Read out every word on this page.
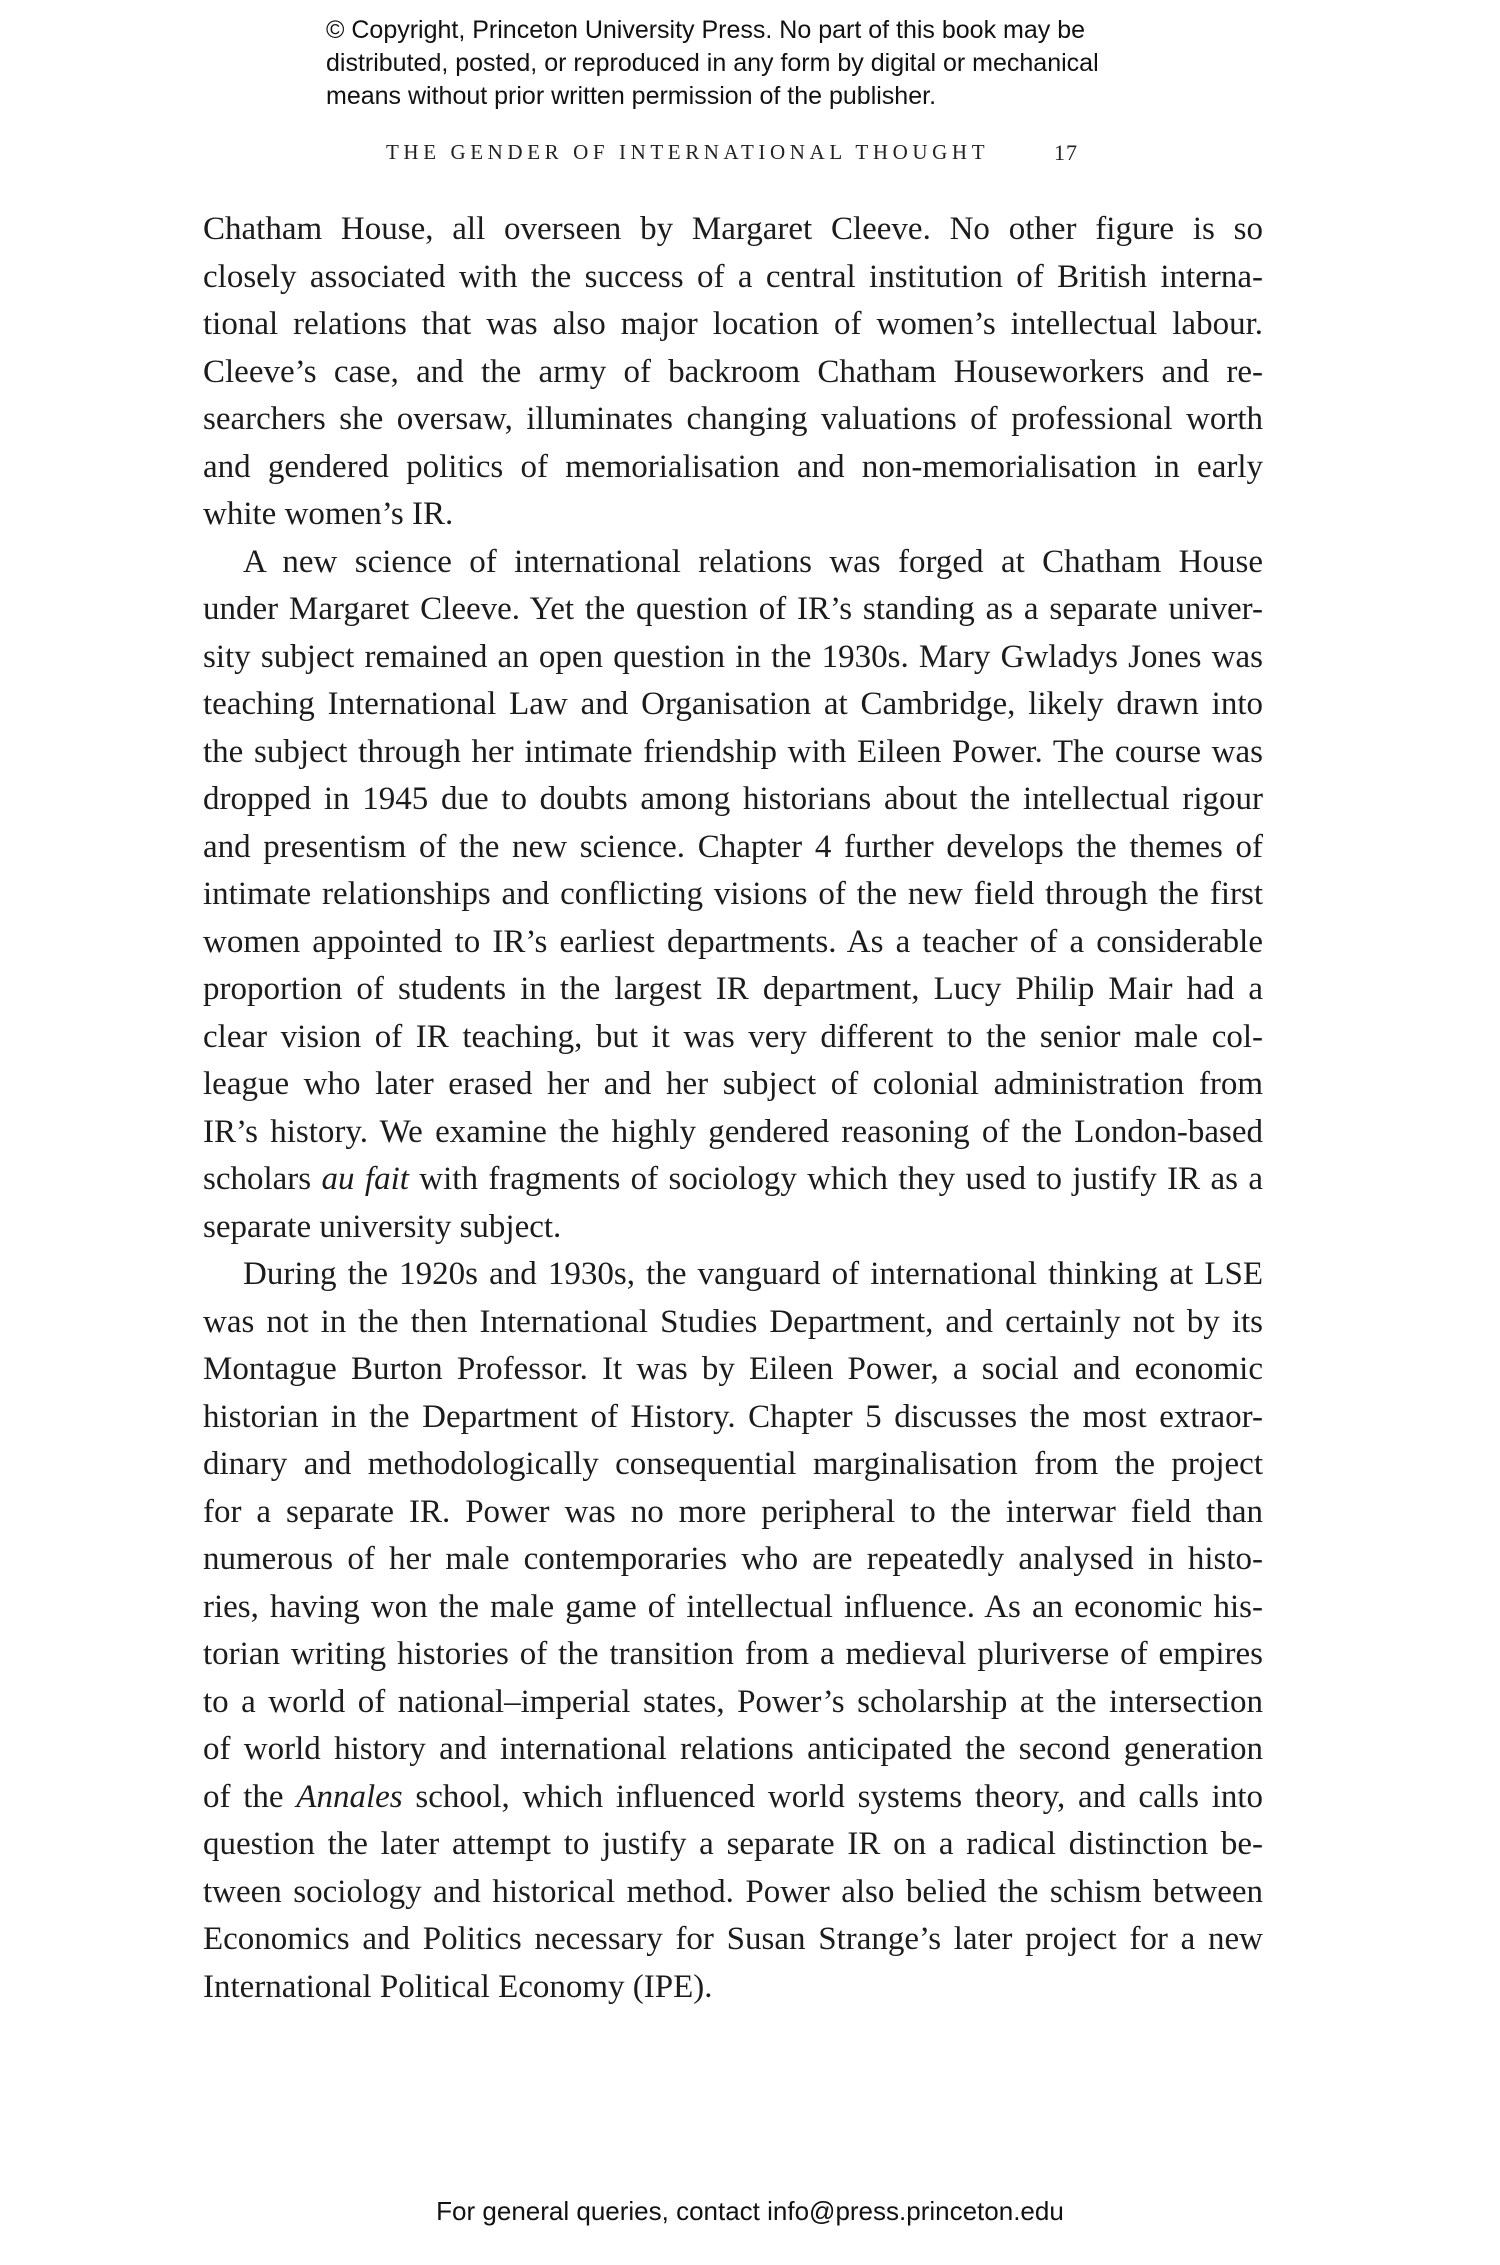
© Copyright, Princeton University Press. No part of this book may be
distributed, posted, or reproduced in any form by digital or mechanical
means without prior written permission of the publisher.
THE GENDER OF INTERNATIONAL THOUGHT	17
Chatham House, all overseen by Margaret Cleeve. No other figure is so
closely associated with the success of a central institution of British interna-
tional relations that was also major location of women’s intellectual labour.
Cleeve’s case, and the army of backroom Chatham Houseworkers and re-
searchers she oversaw, illuminates changing valuations of professional worth
and gendered politics of memorialisation and non-memorialisation in early
white women’s IR.
A new science of international relations was forged at Chatham House
under Margaret Cleeve. Yet the question of IR’s standing as a separate univer-
sity subject remained an open question in the 1930s. Mary Gwladys Jones was
teaching International Law and Organisation at Cambridge, likely drawn into
the subject through her intimate friendship with Eileen Power. The course was
dropped in 1945 due to doubts among historians about the intellectual rigour
and presentism of the new science. Chapter 4 further develops the themes of
intimate relationships and conflicting visions of the new field through the first
women appointed to IR’s earliest departments. As a teacher of a considerable
proportion of students in the largest IR department, Lucy Philip Mair had a
clear vision of IR teaching, but it was very different to the senior male col-
league who later erased her and her subject of colonial administration from
IR’s history. We examine the highly gendered reasoning of the London-based
scholars au fait with fragments of sociology which they used to justify IR as a
separate university subject.
During the 1920s and 1930s, the vanguard of international thinking at LSE
was not in the then International Studies Department, and certainly not by its
Montague Burton Professor. It was by Eileen Power, a social and economic
historian in the Department of History. Chapter 5 discusses the most extraor-
dinary and methodologically consequential marginalisation from the project
for a separate IR. Power was no more peripheral to the interwar field than
numerous of her male contemporaries who are repeatedly analysed in histo-
ries, having won the male game of intellectual influence. As an economic his-
torian writing histories of the transition from a medieval pluriverse of empires
to a world of national–imperial states, Power’s scholarship at the intersection
of world history and international relations anticipated the second generation
of the Annales school, which influenced world systems theory, and calls into
question the later attempt to justify a separate IR on a radical distinction be-
tween sociology and historical method. Power also belied the schism between
Economics and Politics necessary for Susan Strange’s later project for a new
International Political Economy (IPE).
For general queries, contact info@press.princeton.edu
